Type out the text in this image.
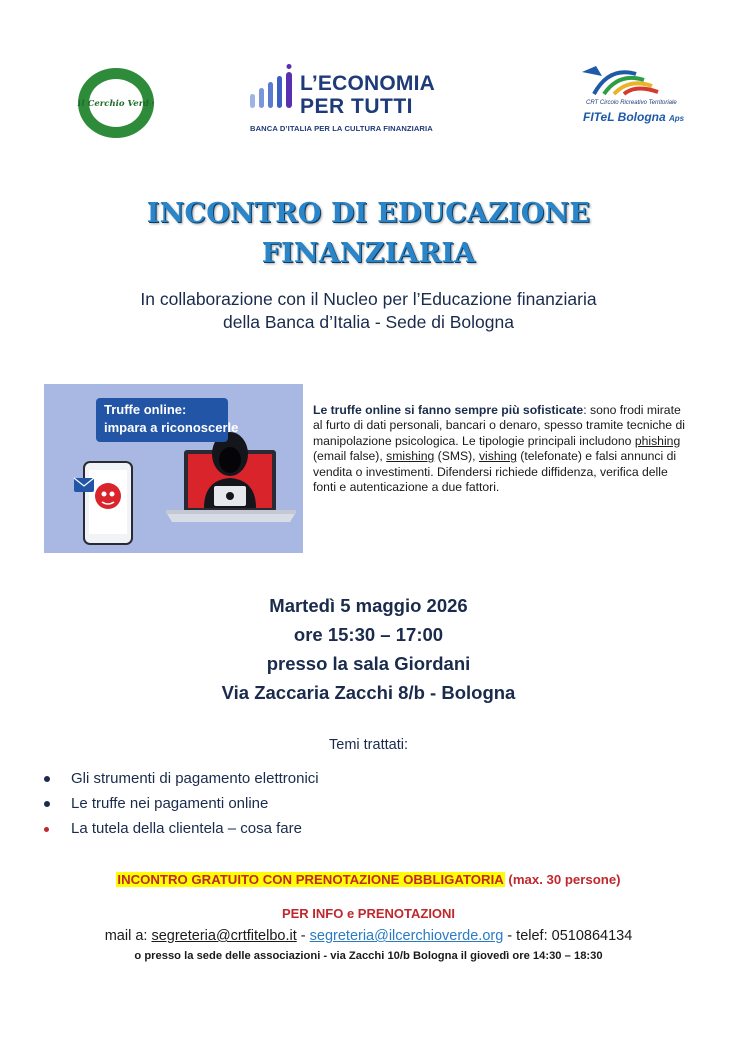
Il Cerchio Verde
L’ECONOMIA
PER TUTTI
BANCA D’ITALIA PER LA CULTURA FINANZIARIA
CRT Circolo Ricreativo Territoriale
FITeL Bologna Aps
INCONTRO DI EDUCAZIONE
FINANZIARIA
In collaborazione con il Nucleo per l’Educazione finanziaria
della Banca d’Italia - Sede di Bologna
Truffe online:
impara a riconoscerle
Le truffe online si fanno sempre più sofisticate: sono frodi mirate al furto di dati personali, bancari o denaro, spesso tramite tecniche di manipolazione psicologica. Le tipologie principali includono phishing (email false), smishing (SMS), vishing (telefonate) e falsi annunci di vendita o investimenti. Difendersi richiede diffidenza, verifica delle fonti e autenticazione a due fattori.
Martedì 5 maggio 2026
ore 15:30 – 17:00
presso la sala Giordani
Via Zaccaria Zacchi 8/b - Bologna
Temi trattati:
Gli strumenti di pagamento elettronici
Le truffe nei pagamenti online
La tutela della clientela – cosa fare
INCONTRO GRATUITO CON PRENOTAZIONE OBBLIGATORIA (max. 30 persone)
PER INFO e PRENOTAZIONI
mail a: segreteria@crtfitelbo.it - segreteria@ilcerchioverde.org - telef: 0510864134
o presso la sede delle associazioni - via Zacchi 10/b Bologna il giovedì ore 14:30 – 18:30
